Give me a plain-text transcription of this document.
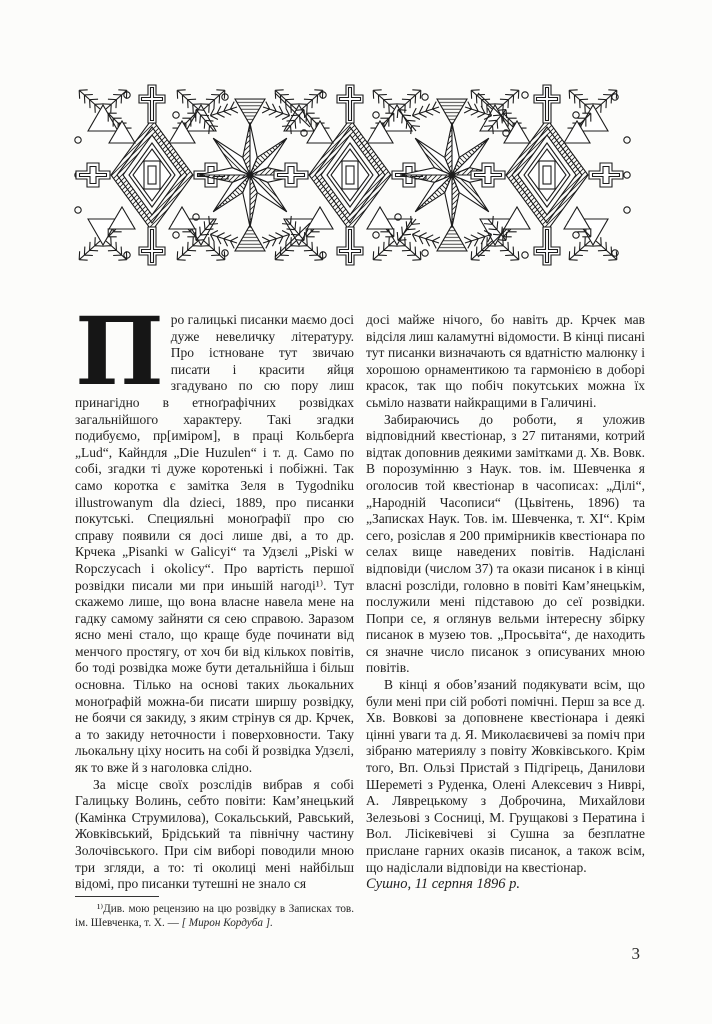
Про галицькі писанки маємо досі дуже невеличку літературу. Про істноване тут звичаю писати і красити яйця згадувано по сю пору лиш принагідно в етноґрафічних розвідках загальнійшого характеру. Такі згадки подибуємо, пр[иміром], в праці Кольберґа „Lud“, Кайндля „Die Huzulen“ і т. д. Само по собі, згадки ті дуже коротенькі і побіжні. Так само коротка є замітка Зеля в Tygodniku illustrowanym dla dzieci, 1889, про писанки покутські. Специяльні моноґрафії про сю справу появили ся досі лише дві, а то др. Крчека „Pisanki w Galicyi“ та Удзєлі „Piski w Ropczycach i okolicy“. Про вартість першої розвідки писали ми при иньшій нагоді¹⁾. Тут скажемо лише, що вона власне навела мене на гадку самому зайняти ся сею справою. Заразом ясно мені стало, що краще буде починати від менчого простягу, от хоч би від кількох повітів, бо тоді розвідка може бути детальнійша і більш основна. Тілько на основі таких льокальних моноґрафій можна-би писати ширшу розвідку, не боячи ся закиду, з яким стрінув ся др. Крчек, а то закиду неточности і поверховности. Таку льокальну ціху носить на собі й розвідка Удзєлі, як то вже й з наголовка слідно.

За місце своїх розслідів вибрав я собі Галицьку Волинь, себто повіти: Кам’янецький (Камінка Струмилова), Сокальський, Равський, Жовківський, Брідський та північну частину Золочівського. При сім виборі поводили мною три згляди, а то: ті околиці мені найбільш відомі, про писанки тутешні не знало ся

¹⁾Див. мою рецензию на цю розвідку в Записках тов. ім. Шевченка, т. X. — [ Мирон Кордуба ].

досі майже нічого, бо навіть др. Крчек мав відсіля лиш каламутні відомости. В кінці писані тут писанки визначають ся вдатністю малюнку і хорошою орнаментикою та гармонією в доборі красок, так що побіч покутських можна їх сьміло назвати найкращими в Галичині.

Забираючись до роботи, я уложив відповідний квестіонар, з 27 питанями, котрий відтак доповнив деякими замітками д. Хв. Вовк. В порозумінню з Наук. тов. ім. Шевченка я оголосив той квестіонар в часописах: „Ділі“, „Народній Часописи“ (Цьвітень, 1896) та „Записках Наук. Тов. ім. Шевченка, т. XI“. Крім сего, розіслав я 200 примірників квестіонара по селах вище наведених повітів. Надіслані відповіди (числом 37) та окази писанок і в кінці власні розсліди, головно в повіті Кам’янецькім, послужили мені підставою до сеї розвідки. Попри се, я оглянув вельми інтересну збірку писанок в музею тов. „Просьвіта“, де находить ся значне число писанок з описуваних мною повітів.

В кінці я обов’язаний подякувати всім, що були мені при сій роботі помічні. Перш за все д. Хв. Вовкові за доповнене квестіонара і деякі цінні уваги та д. Я. Миколаєвичеві за поміч при зібраню материялу з повіту Жовківського. Крім того, Вп. Ользі Пристай з Підгірець, Данилови Шереметі з Руденка, Олені Алексевич з Ниврі, А. Ляврецькому з Доброчина, Михайлови Зелезьові з Сосниці, М. Грущакові з Ператина і Вол. Лісікевічеві зі Сушна за безплатне прислане гарних оказів писанок, а також всім, що надіслали відповіди на квестіонар.

Сушно, 11 серпня 1896 р.

3
